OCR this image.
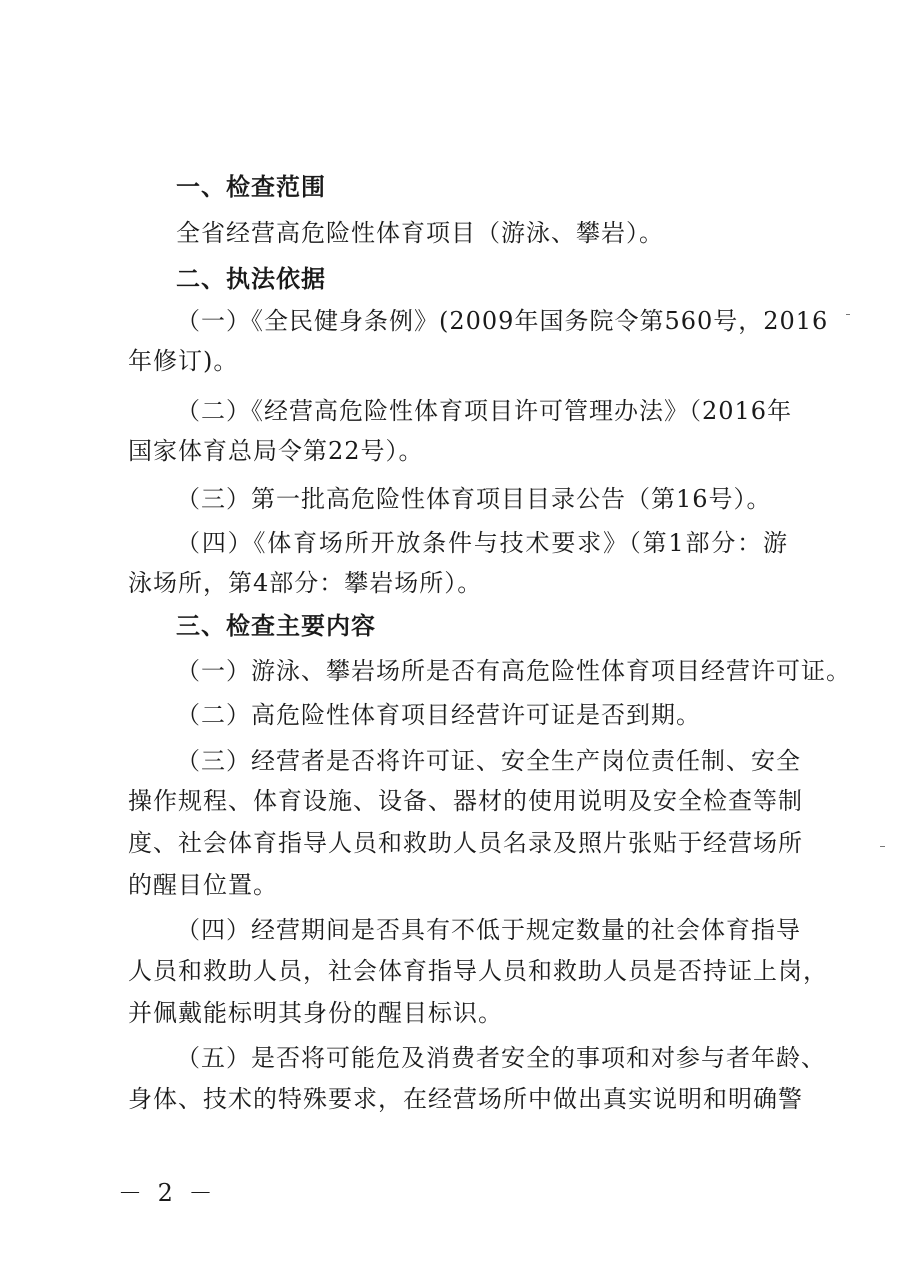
一、检查范围
全省经营高危险性体育项目（游泳、攀岩）。
二、执法依据
（一）《全民健身条例》(2009年国务院令第560号，2016
年修订)。
（二）《经营高危险性体育项目许可管理办法》（2016年
国家体育总局令第22号）。
（三）第一批高危险性体育项目目录公告（第16号）。
（四）《体育场所开放条件与技术要求》（第1部分：游
泳场所，第4部分：攀岩场所）。
三、检查主要内容
（一）游泳、攀岩场所是否有高危险性体育项目经营许可证。
（二）高危险性体育项目经营许可证是否到期。
（三）经营者是否将许可证、安全生产岗位责任制、安全
操作规程、体育设施、设备、器材的使用说明及安全检查等制
度、社会体育指导人员和救助人员名录及照片张贴于经营场所
的醒目位置。
（四）经营期间是否具有不低于规定数量的社会体育指导
人员和救助人员，社会体育指导人员和救助人员是否持证上岗，
并佩戴能标明其身份的醒目标识。
（五）是否将可能危及消费者安全的事项和对参与者年龄、
身体、技术的特殊要求，在经营场所中做出真实说明和明确警
－ 2 －
